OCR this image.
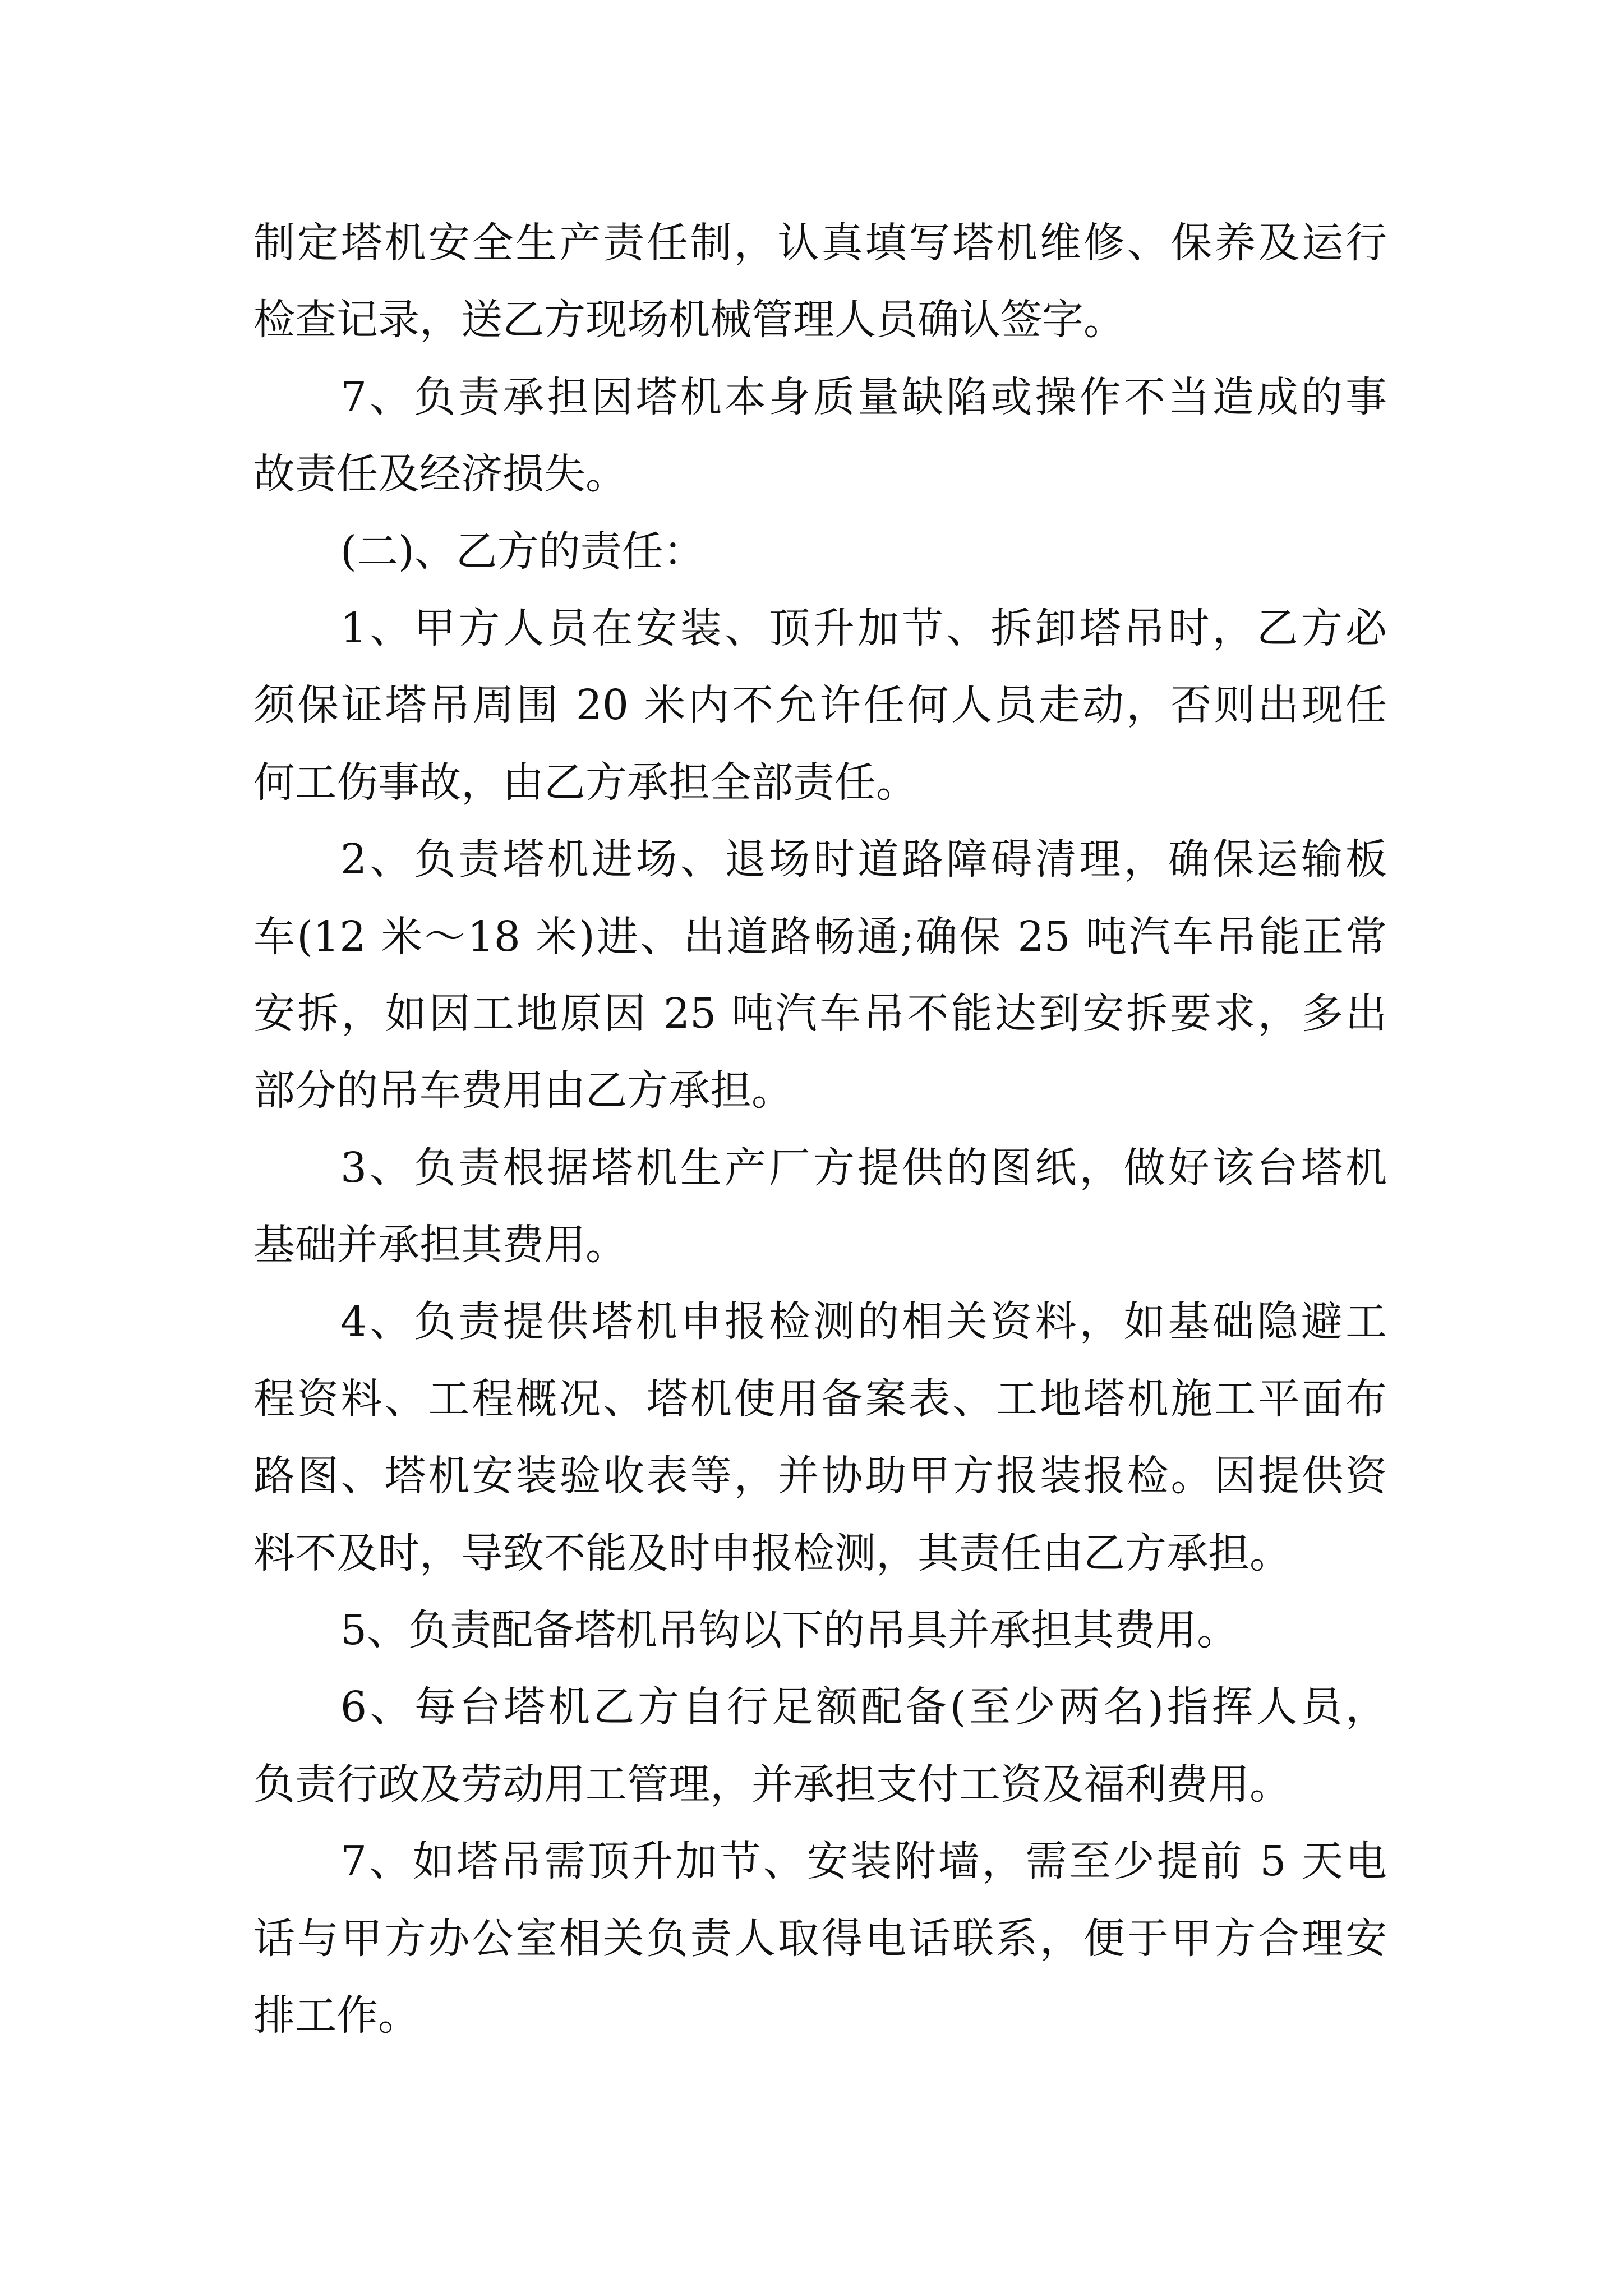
制定塔机安全生产责任制，认真填写塔机维修、保养及运行
检查记录，送乙方现场机械管理人员确认签字。
7、负责承担因塔机本身质量缺陷或操作不当造成的事
故责任及经济损失。
(二)、乙方的责任：
1、甲方人员在安装、顶升加节、拆卸塔吊时，乙方必
须保证塔吊周围 20 米内不允许任何人员走动，否则出现任
何工伤事故，由乙方承担全部责任。
2、负责塔机进场、退场时道路障碍清理，确保运输板
车(12 米～18 米)进、出道路畅通;确保 25 吨汽车吊能正常
安拆，如因工地原因 25 吨汽车吊不能达到安拆要求，多出
部分的吊车费用由乙方承担。
3、负责根据塔机生产厂方提供的图纸，做好该台塔机
基础并承担其费用。
4、负责提供塔机申报检测的相关资料，如基础隐避工
程资料、工程概况、塔机使用备案表、工地塔机施工平面布
路图、塔机安装验收表等，并协助甲方报装报检。因提供资
料不及时，导致不能及时申报检测，其责任由乙方承担。
5、负责配备塔机吊钩以下的吊具并承担其费用。
6、每台塔机乙方自行足额配备(至少两名)指挥人员，
负责行政及劳动用工管理，并承担支付工资及福利费用。
7、如塔吊需顶升加节、安装附墙，需至少提前 5 天电
话与甲方办公室相关负责人取得电话联系，便于甲方合理安
排工作。
